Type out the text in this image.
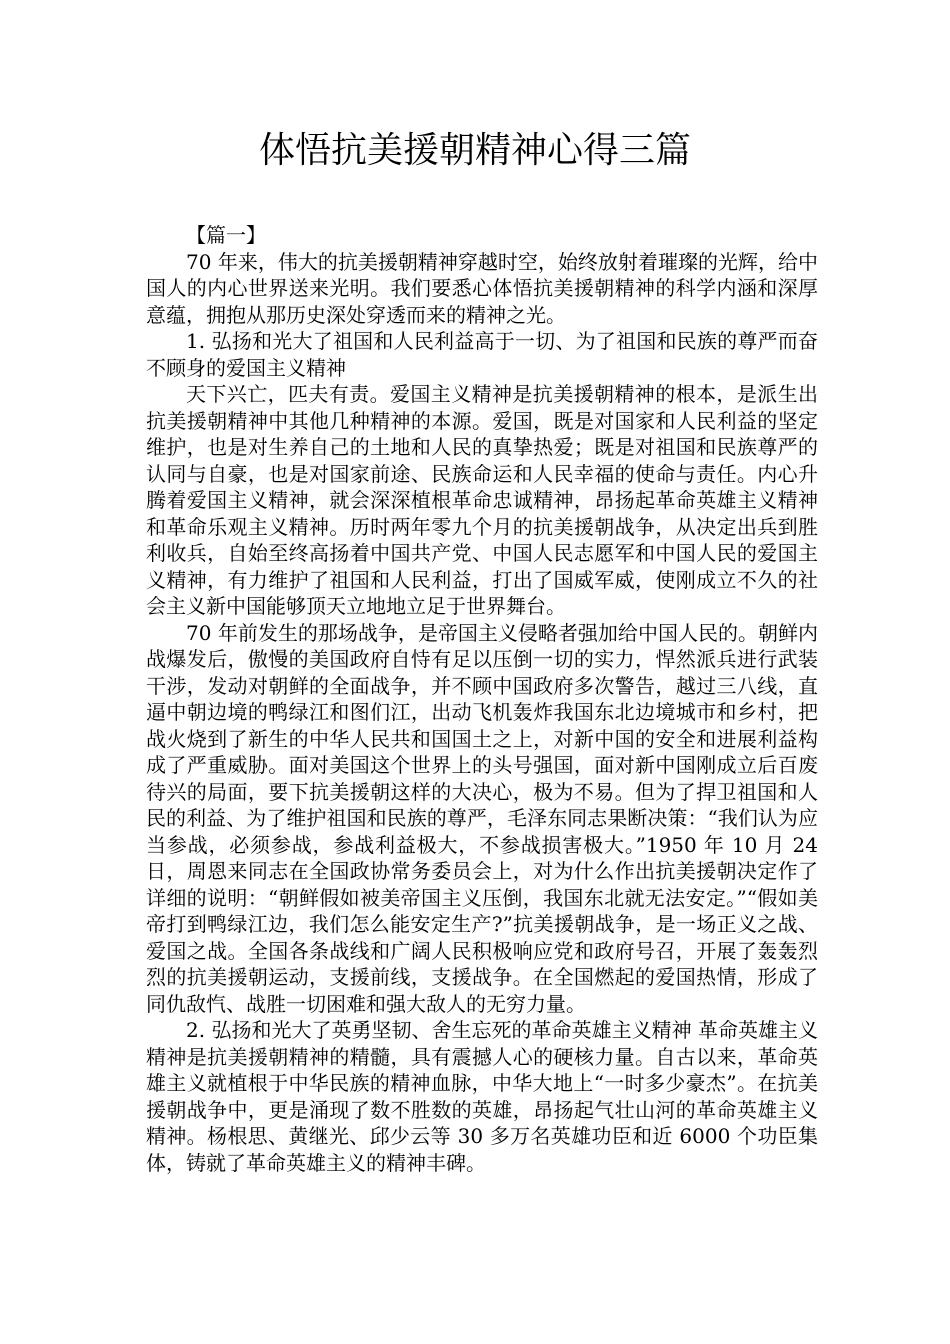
体悟抗美援朝精神心得三篇

【篇一】

70 年来，伟大的抗美援朝精神穿越时空，始终放射着璀璨的光辉，给中国人的内心世界送来光明。我们要悉心体悟抗美援朝精神的科学内涵和深厚意蕴，拥抱从那历史深处穿透而来的精神之光。

1. 弘扬和光大了祖国和人民利益高于一切、为了祖国和民族的尊严而奋不顾身的爱国主义精神

天下兴亡，匹夫有责。爱国主义精神是抗美援朝精神的根本，是派生出抗美援朝精神中其他几种精神的本源。爱国，既是对国家和人民利益的坚定维护，也是对生养自己的土地和人民的真挚热爱；既是对祖国和民族尊严的认同与自豪，也是对国家前途、民族命运和人民幸福的使命与责任。内心升腾着爱国主义精神，就会深深植根革命忠诚精神，昂扬起革命英雄主义精神和革命乐观主义精神。历时两年零九个月的抗美援朝战争，从决定出兵到胜利收兵，自始至终高扬着中国共产党、中国人民志愿军和中国人民的爱国主义精神，有力维护了祖国和人民利益，打出了国威军威，使刚成立不久的社会主义新中国能够顶天立地地立足于世界舞台。

70 年前发生的那场战争，是帝国主义侵略者强加给中国人民的。朝鲜内战爆发后，傲慢的美国政府自恃有足以压倒一切的实力，悍然派兵进行武装干涉，发动对朝鲜的全面战争，并不顾中国政府多次警告，越过三八线，直逼中朝边境的鸭绿江和图们江，出动飞机轰炸我国东北边境城市和乡村，把战火烧到了新生的中华人民共和国国土之上，对新中国的安全和进展利益构成了严重威胁。面对美国这个世界上的头号强国，面对新中国刚成立后百废待兴的局面，要下抗美援朝这样的大决心，极为不易。但为了捍卫祖国和人民的利益、为了维护祖国和民族的尊严，毛泽东同志果断决策：“我们认为应当参战，必须参战，参战利益极大，不参战损害极大。”1950 年 10 月 24 日，周恩来同志在全国政协常务委员会上，对为什么作出抗美援朝决定作了详细的说明：“朝鲜假如被美帝国主义压倒，我国东北就无法安定。”“假如美帝打到鸭绿江边，我们怎么能安定生产?”抗美援朝战争，是一场正义之战、爱国之战。全国各条战线和广阔人民积极响应党和政府号召，开展了轰轰烈烈的抗美援朝运动，支援前线，支援战争。在全国燃起的爱国热情，形成了同仇敌忾、战胜一切困难和强大敌人的无穷力量。

2. 弘扬和光大了英勇坚韧、舍生忘死的革命英雄主义精神 革命英雄主义精神是抗美援朝精神的精髓，具有震撼人心的硬核力量。自古以来，革命英雄主义就植根于中华民族的精神血脉，中华大地上“一时多少豪杰”。在抗美援朝战争中，更是涌现了数不胜数的英雄，昂扬起气壮山河的革命英雄主义精神。杨根思、黄继光、邱少云等 30 多万名英雄功臣和近 6000 个功臣集体，铸就了革命英雄主义的精神丰碑。
